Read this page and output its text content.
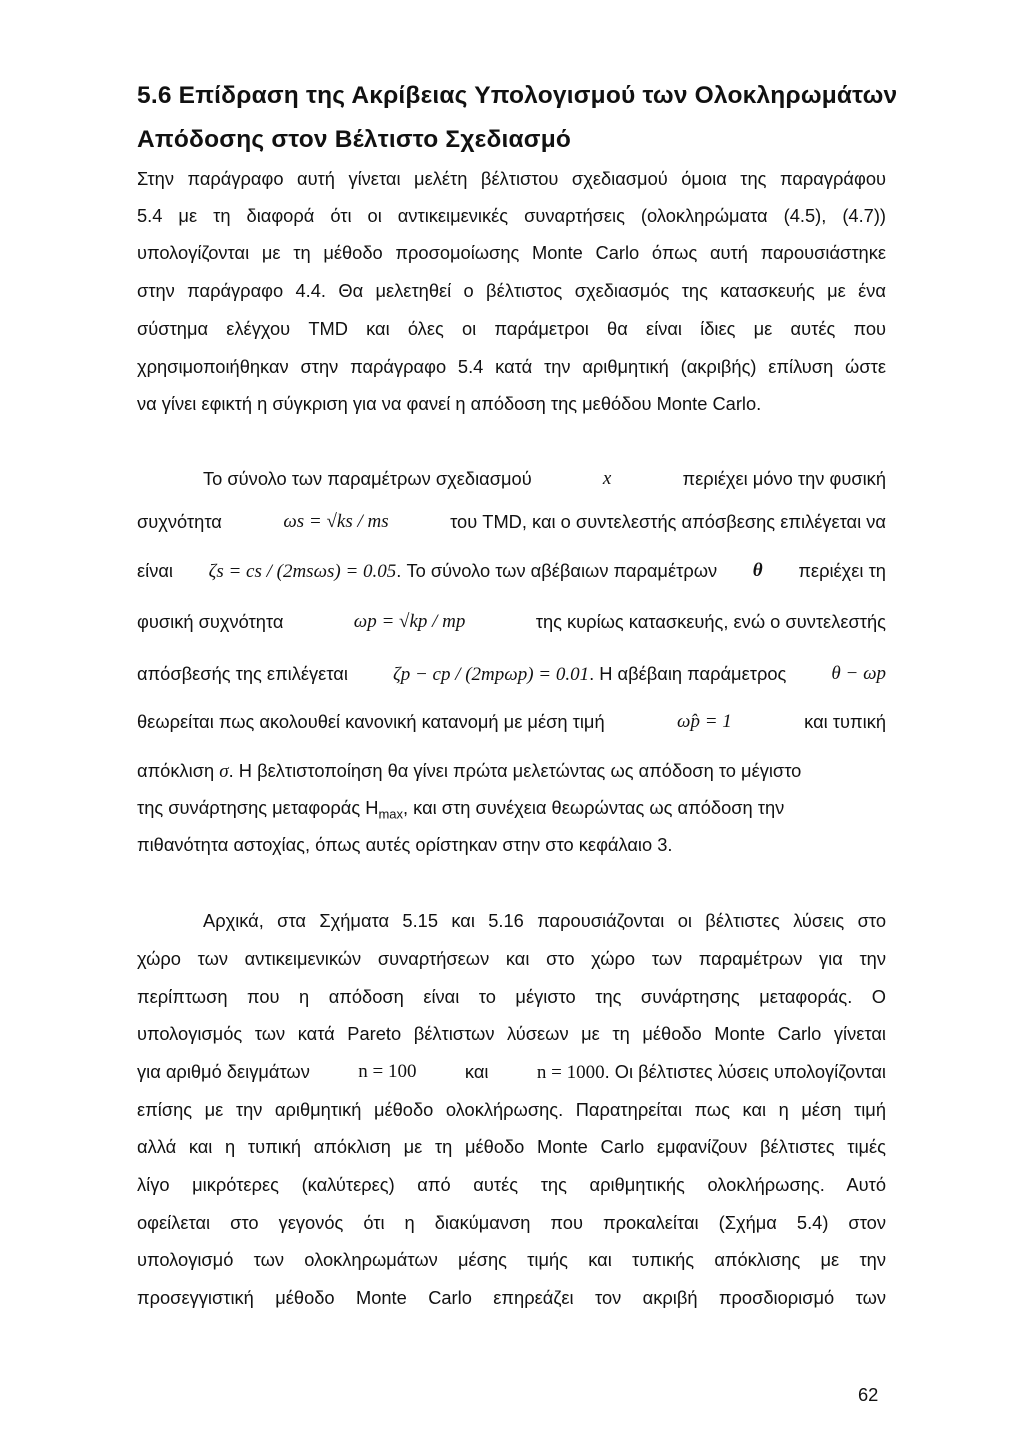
5.6 Επίδραση της Ακρίβειας Υπολογισμού των Ολοκληρωμάτων
Απόδοσης στον Βέλτιστο Σχεδιασμό
Στην παράγραφο αυτή γίνεται μελέτη βέλτιστου σχεδιασμού όμοια της παραγράφου
5.4 με τη διαφορά ότι οι αντικειμενικές συναρτήσεις (ολοκληρώματα (4.5), (4.7))
υπολογίζονται με τη μέθοδο προσομοίωσης Monte Carlo όπως αυτή παρουσιάστηκε
στην παράγραφο 4.4. Θα μελετηθεί ο βέλτιστος σχεδιασμός της κατασκευής με ένα
σύστημα ελέγχου TMD και όλες οι παράμετροι θα είναι ίδιες με αυτές που
χρησιμοποιήθηκαν στην παράγραφο 5.4 κατά την αριθμητική (ακριβής) επίλυση ώστε
να γίνει εφικτή η σύγκριση για να φανεί η απόδοση της μεθόδου Monte Carlo.
Το σύνολο των παραμέτρων σχεδιασμού	x	περιέχει μόνο την φυσική
συχνότητα	ωs = √ks / ms	του TMD, και ο συντελεστής απόσβεσης επιλέγεται να
είναι ζs = cs / (2msωs) = 0.05. Το σύνολο των αβέβαιων παραμέτρων θ περιέχει τη
φυσική συχνότητα	ωp = √kp / mp	της κυρίως κατασκευής, ενώ ο συντελεστής
απόσβεσής της επιλέγεται ζp − cp / (2mpωp) = 0.01. Η αβέβαιη παράμετρος θ − ωp
θεωρείται πως ακολουθεί κανονική κατανομή με μέση τιμή	ω̂p = 1	και τυπική
απόκλιση σ. Η βελτιστοποίηση θα γίνει πρώτα μελετώντας ως απόδοση το μέγιστο
της συνάρτησης μεταφοράς $H_{max}$, και στη συνέχεια θεωρώντας ως απόδοση την
πιθανότητα αστοχίας, όπως αυτές ορίστηκαν στην στο κεφάλαιο 3.
Αρχικά, στα Σχήματα 5.15 και 5.16 παρουσιάζονται οι βέλτιστες λύσεις στο
χώρο των αντικειμενικών συναρτήσεων και στο χώρο των παραμέτρων για την
περίπτωση που η απόδοση είναι το μέγιστο της συνάρτησης μεταφοράς. Ο
υπολογισμός των κατά Pareto βέλτιστων λύσεων με τη μέθοδο Monte Carlo γίνεται
για αριθμό δειγμάτων	n = 100	και	n = 1000. Οι βέλτιστες λύσεις υπολογίζονται
επίσης με την αριθμητική μέθοδο ολοκλήρωσης. Παρατηρείται πως και η μέση τιμή
αλλά και η τυπική απόκλιση με τη μέθοδο Monte Carlo εμφανίζουν βέλτιστες τιμές
λίγο μικρότερες (καλύτερες) από αυτές της αριθμητικής ολοκλήρωσης. Αυτό
οφείλεται στο γεγονός ότι η διακύμανση που προκαλείται (Σχήμα 5.4) στον
υπολογισμό των ολοκληρωμάτων μέσης τιμής και τυπικής απόκλισης με την
προσεγγιστική μέθοδο Monte Carlo επηρεάζει τον ακριβή προσδιορισμό των
62
